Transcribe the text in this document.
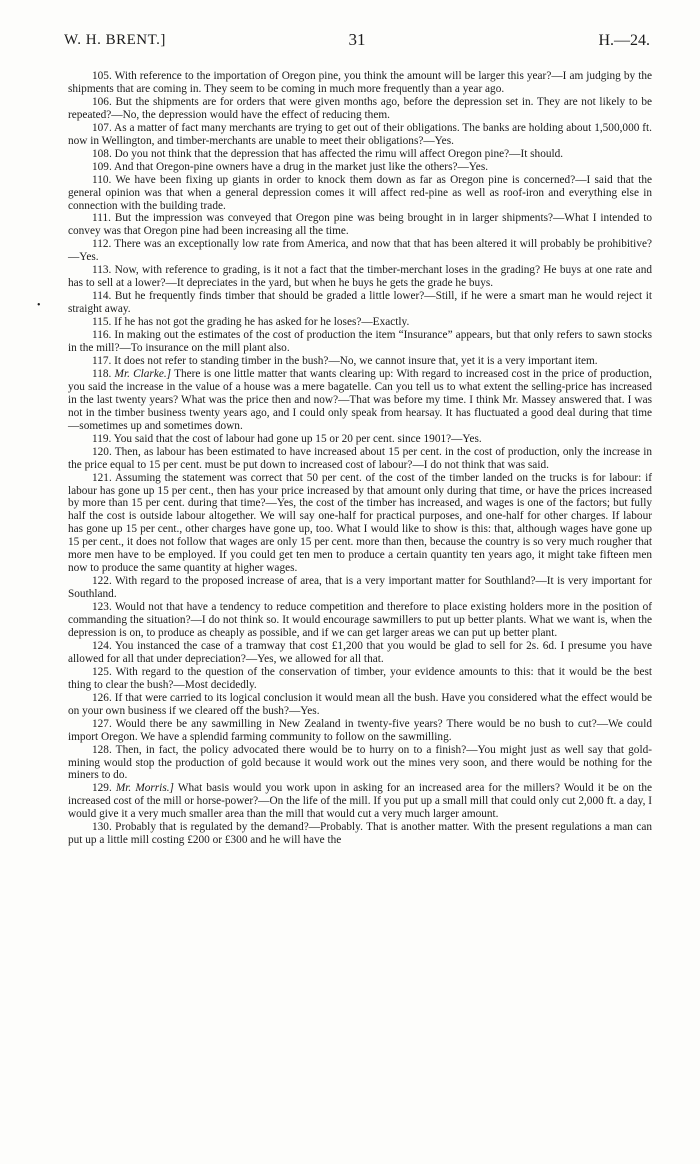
W. H. BRENT.]	31	H.—24.
•

105. With reference to the importation of Oregon pine, you think the amount will be larger this year?—I am judging by the shipments that are coming in. They seem to be coming in much more frequently than a year ago.

106. But the shipments are for orders that were given months ago, before the depression set in. They are not likely to be repeated?—No, the depression would have the effect of reducing them.

107. As a matter of fact many merchants are trying to get out of their obligations. The banks are holding about 1,500,000 ft. now in Wellington, and timber-merchants are unable to meet their obligations?—Yes.

108. Do you not think that the depression that has affected the rimu will affect Oregon pine?—It should.

109. And that Oregon-pine owners have a drug in the market just like the others?—Yes.

110. We have been fixing up giants in order to knock them down as far as Oregon pine is concerned?—I said that the general opinion was that when a general depression comes it will affect red-pine as well as roof-iron and everything else in connection with the building trade.

111. But the impression was conveyed that Oregon pine was being brought in in larger shipments?—What I intended to convey was that Oregon pine had been increasing all the time.

112. There was an exceptionally low rate from America, and now that that has been altered it will probably be prohibitive?—Yes.

113. Now, with reference to grading, is it not a fact that the timber-merchant loses in the grading? He buys at one rate and has to sell at a lower?—It depreciates in the yard, but when he buys he gets the grade he buys.

114. But he frequently finds timber that should be graded a little lower?—Still, if he were a smart man he would reject it straight away.

115. If he has not got the grading he has asked for he loses?—Exactly.

116. In making out the estimates of the cost of production the item “Insurance” appears, but that only refers to sawn stocks in the mill?—To insurance on the mill plant also.

117. It does not refer to standing timber in the bush?—No, we cannot insure that, yet it is a very important item.

118. Mr. Clarke.] There is one little matter that wants clearing up: With regard to increased cost in the price of production, you said the increase in the value of a house was a mere bagatelle. Can you tell us to what extent the selling-price has increased in the last twenty years? What was the price then and now?—That was before my time. I think Mr. Massey answered that. I was not in the timber business twenty years ago, and I could only speak from hearsay. It has fluctuated a good deal during that time—sometimes up and sometimes down.

119. You said that the cost of labour had gone up 15 or 20 per cent. since 1901?—Yes.

120. Then, as labour has been estimated to have increased about 15 per cent. in the cost of production, only the increase in the price equal to 15 per cent. must be put down to increased cost of labour?—I do not think that was said.

121. Assuming the statement was correct that 50 per cent. of the cost of the timber landed on the trucks is for labour: if labour has gone up 15 per cent., then has your price increased by that amount only during that time, or have the prices increased by more than 15 per cent. during that time?—Yes, the cost of the timber has increased, and wages is one of the factors; but fully half the cost is outside labour altogether. We will say one-half for practical purposes, and one-half for other charges. If labour has gone up 15 per cent., other charges have gone up, too. What I would like to show is this: that, although wages have gone up 15 per cent., it does not follow that wages are only 15 per cent. more than then, because the country is so very much rougher that more men have to be employed. If you could get ten men to produce a certain quantity ten years ago, it might take fifteen men now to produce the same quantity at higher wages.

122. With regard to the proposed increase of area, that is a very important matter for Southland?—It is very important for Southland.

123. Would not that have a tendency to reduce competition and therefore to place existing holders more in the position of commanding the situation?—I do not think so. It would encourage sawmillers to put up better plants. What we want is, when the depression is on, to produce as cheaply as possible, and if we can get larger areas we can put up better plant.

124. You instanced the case of a tramway that cost £1,200 that you would be glad to sell for 2s. 6d. I presume you have allowed for all that under depreciation?—Yes, we allowed for all that.

125. With regard to the question of the conservation of timber, your evidence amounts to this: that it would be the best thing to clear the bush?—Most decidedly.

126. If that were carried to its logical conclusion it would mean all the bush. Have you considered what the effect would be on your own business if we cleared off the bush?—Yes.

127. Would there be any sawmilling in New Zealand in twenty-five years? There would be no bush to cut?—We could import Oregon. We have a splendid farming community to follow on the sawmilling.

128. Then, in fact, the policy advocated there would be to hurry on to a finish?—You might just as well say that gold-mining would stop the production of gold because it would work out the mines very soon, and there would be nothing for the miners to do.

129. Mr. Morris.] What basis would you work upon in asking for an increased area for the millers? Would it be on the increased cost of the mill or horse-power?—On the life of the mill. If you put up a small mill that could only cut 2,000 ft. a day, I would give it a very much smaller area than the mill that would cut a very much larger amount.

130. Probably that is regulated by the demand?—Probably. That is another matter. With the present regulations a man can put up a little mill costing £200 or £300 and he will have the
